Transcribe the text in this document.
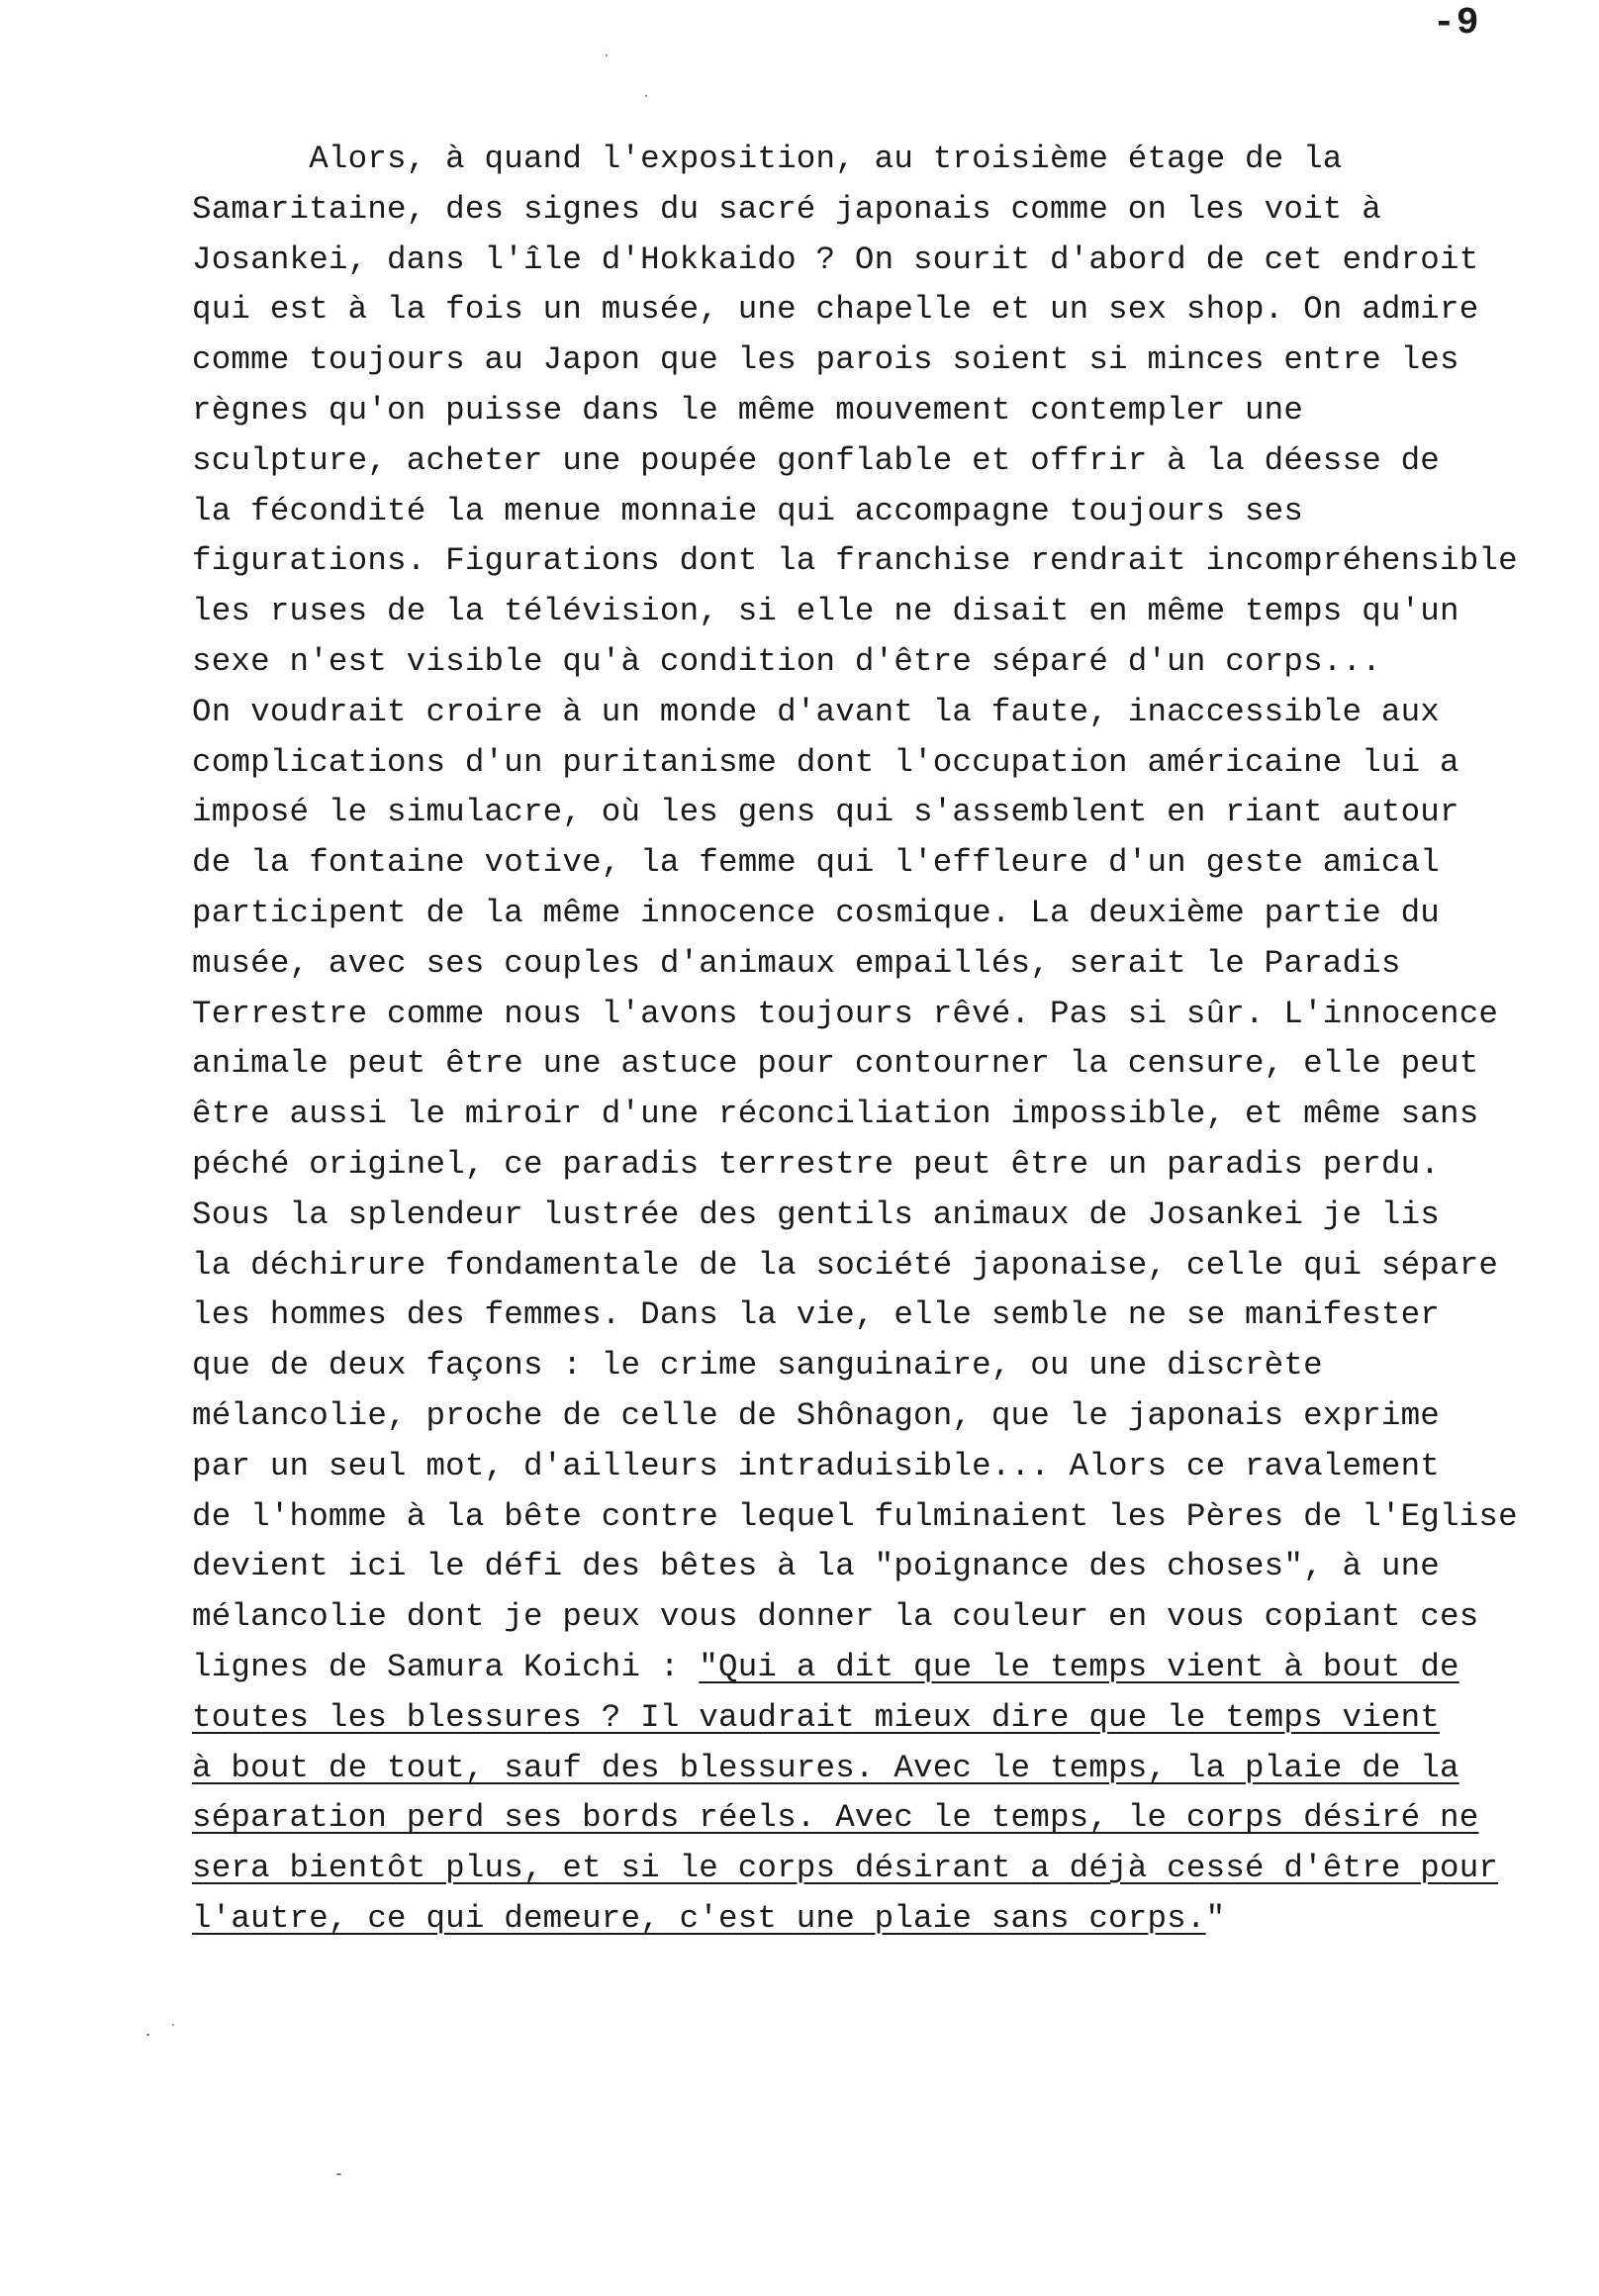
-9
Alors, à quand l'exposition, au troisième étage de la
Samaritaine, des signes du sacré japonais comme on les voit à
Josankei, dans l'île d'Hokkaido ? On sourit d'abord de cet endroit
qui est à la fois un musée, une chapelle et un sex shop. On admire
comme toujours au Japon que les parois soient si minces entre les
règnes qu'on puisse dans le même mouvement contempler une
sculpture, acheter une poupée gonflable et offrir à la déesse de
la fécondité la menue monnaie qui accompagne toujours ses
figurations. Figurations dont la franchise rendrait incompréhensible
les ruses de la télévision, si elle ne disait en même temps qu'un
sexe n'est visible qu'à condition d'être séparé d'un corps...
On voudrait croire à un monde d'avant la faute, inaccessible aux
complications d'un puritanisme dont l'occupation américaine lui a
imposé le simulacre, où les gens qui s'assemblent en riant autour
de la fontaine votive, la femme qui l'effleure d'un geste amical
participent de la même innocence cosmique. La deuxième partie du
musée, avec ses couples d'animaux empaillés, serait le Paradis
Terrestre comme nous l'avons toujours rêvé. Pas si sûr. L'innocence
animale peut être une astuce pour contourner la censure, elle peut
être aussi le miroir d'une réconciliation impossible, et même sans
péché originel, ce paradis terrestre peut être un paradis perdu.
Sous la splendeur lustrée des gentils animaux de Josankei je lis
la déchirure fondamentale de la société japonaise, celle qui sépare
les hommes des femmes. Dans la vie, elle semble ne se manifester
que de deux façons : le crime sanguinaire, ou une discrète
mélancolie, proche de celle de Shônagon, que le japonais exprime
par un seul mot, d'ailleurs intraduisible... Alors ce ravalement
de l'homme à la bête contre lequel fulminaient les Pères de l'Eglise
devient ici le défi des bêtes à la "poignance des choses", à une
mélancolie dont je peux vous donner la couleur en vous copiant ces
lignes de Samura Koichi : "Qui a dit que le temps vient à bout de
toutes les blessures ? Il vaudrait mieux dire que le temps vient
à bout de tout, sauf des blessures. Avec le temps, la plaie de la
séparation perd ses bords réels. Avec le temps, le corps désiré ne
sera bientôt plus, et si le corps désirant a déjà cessé d'être pour
l'autre, ce qui demeure, c'est une plaie sans corps."
